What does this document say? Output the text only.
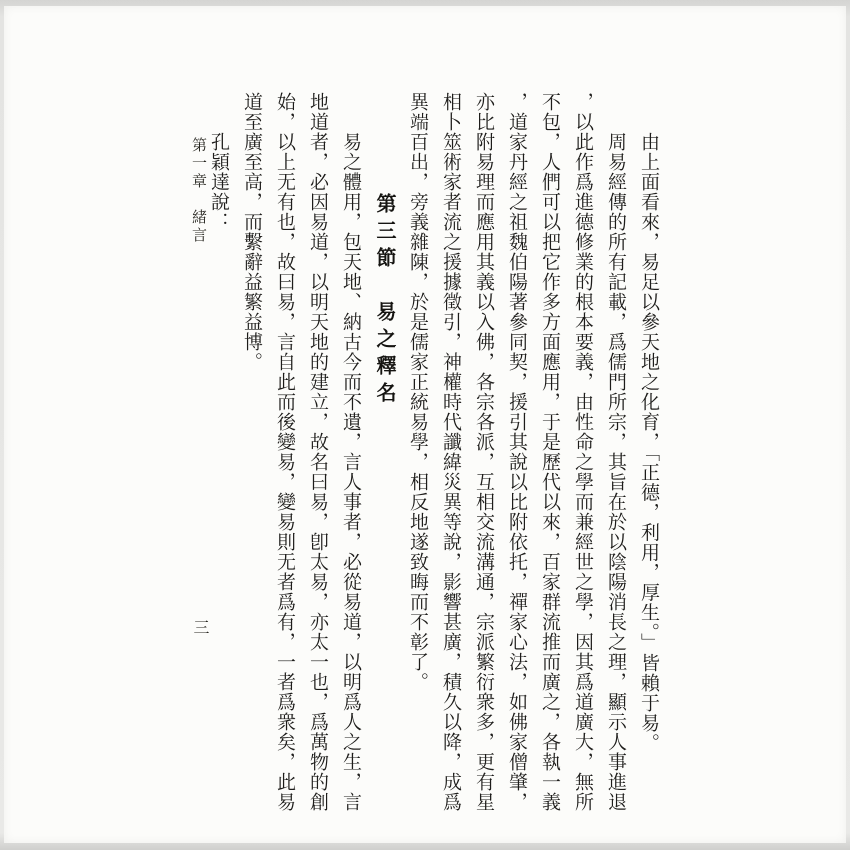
由上面看來，易足以參天地之化育，「正德，利用，厚生。」皆賴于易。

周易經傳的所有記載，爲儒門所宗，其旨在於以陰陽消長之理，顯示人事進退，以此作爲進德修業的根本要義，由性命之學而兼經世之學，因其爲道廣大，無所不包，人們可以把它作多方面應用，于是歷代以來，百家群流推而廣之，各執一義，道家丹經之祖魏伯陽著參同契，援引其說以比附依托，禪家心法，如佛家僧肇，亦比附易理而應用其義以入佛，各宗各派，互相交流溝通，宗派繁衍衆多，更有星相卜筮術家者流之援據徵引，神權時代讖緯災異等說，影響甚廣，積久以降，成爲異端百出，旁義雜陳，於是儒家正統易學，相反地遂致晦而不彰了。

第三節　易之釋名

易之體用，包天地、納古今而不遺，言人事者，必從易道，以明爲人之生，言地道者，必因易道，以明天地的建立，故名曰易，卽太易，亦太一也，爲萬物的創始，以上无有也，故曰易，言自此而後變易，變易則无者爲有，一者爲衆矣，此易道至廣至高，而繫辭益繁益博。

孔穎達說：

第一章　緒言
三
